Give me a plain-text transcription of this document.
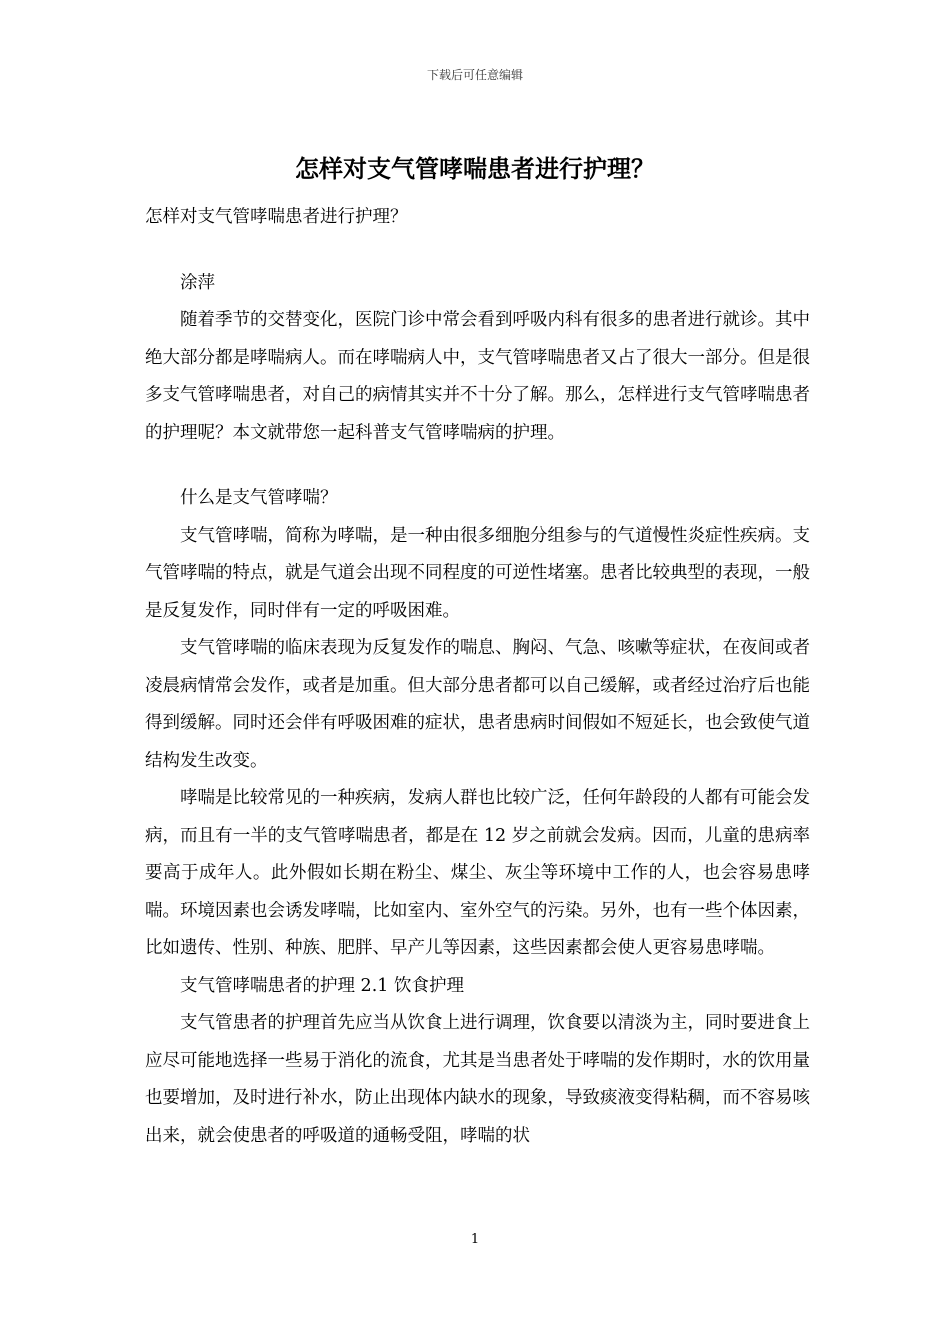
下载后可任意编辑
怎样对支气管哮喘患者进行护理？

怎样对支气管哮喘患者进行护理？

涂萍

随着季节的交替变化，医院门诊中常会看到呼吸内科有很多的患者进行就诊。其中绝大部分都是哮喘病人。而在哮喘病人中，支气管哮喘患者又占了很大一部分。但是很多支气管哮喘患者，对自己的病情其实并不十分了解。那么，怎样进行支气管哮喘患者的护理呢？本文就带您一起科普支气管哮喘病的护理。

什么是支气管哮喘？

支气管哮喘，简称为哮喘，是一种由很多细胞分组参与的气道慢性炎症性疾病。支气管哮喘的特点，就是气道会出现不同程度的可逆性堵塞。患者比较典型的表现，一般是反复发作，同时伴有一定的呼吸困难。

支气管哮喘的临床表现为反复发作的喘息、胸闷、气急、咳嗽等症状，在夜间或者凌晨病情常会发作，或者是加重。但大部分患者都可以自己缓解，或者经过治疗后也能得到缓解。同时还会伴有呼吸困难的症状，患者患病时间假如不短延长，也会致使气道结构发生改变。

哮喘是比较常见的一种疾病，发病人群也比较广泛，任何年龄段的人都有可能会发病，而且有一半的支气管哮喘患者，都是在 12 岁之前就会发病。因而，儿童的患病率要高于成年人。此外假如长期在粉尘、煤尘、灰尘等环境中工作的人，也会容易患哮喘。环境因素也会诱发哮喘，比如室内、室外空气的污染。另外，也有一些个体因素，比如遗传、性别、种族、肥胖、早产儿等因素，这些因素都会使人更容易患哮喘。

支气管哮喘患者的护理 2.1 饮食护理

支气管患者的护理首先应当从饮食上进行调理，饮食要以清淡为主，同时要进食上应尽可能地选择一些易于消化的流食，尤其是当患者处于哮喘的发作期时，水的饮用量也要增加，及时进行补水，防止出现体内缺水的现象，导致痰液变得粘稠，而不容易咳出来，就会使患者的呼吸道的通畅受阻，哮喘的状

1
